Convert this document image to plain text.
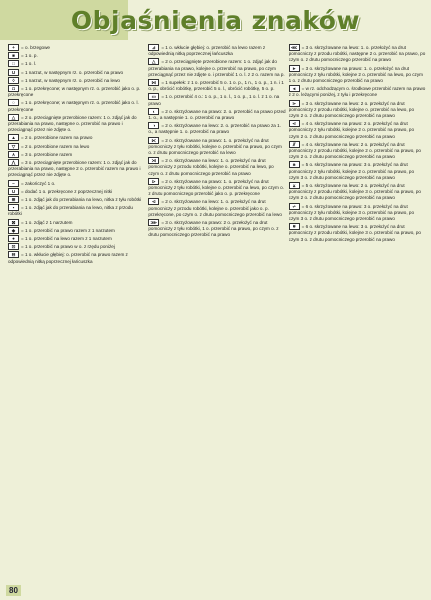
Objaśnienia znaków
+ = o. brzegowe
■ = 1 o. p.
□ = 1 o. l.
U = 1 narzut, w następnym rz. o. przerobić na prawo
◊ = 1 narzut, w następnym rz. o. przerobić na lewo
◘ = 1 o. przekręcone; w następnym rz. o. przerobić jako o. p. przekręcone
○ = 1 o. przekręcone; w następnym rz. o. przerobić jako o. l. przekręcone
△ = 2 o. przeciągnięte przerobione razem: 1 o. zdjąć jak do przerabiania na prawo, następne o. przerobić na prawo i przeciągnąć przez nie zdjęte o.
▲ = 2 o. przerobione razem na prawo
▽ = 2 o. przerobione razem na lewo
∧ = 3 o. przerobione razem
⋀ = 3 o. przeciągnięte przerobione razem: 1 o. zdjąć jak do przerabiania na prawo, następne 2 o. przerobić razem na prawo i przeciągnąć przez nie zdjęte o.
− = zakończyć 1 o.
U = dodać 1 o. przekręcone z poprzecznej nitki
⊞ = 1 o. zdjąć jak do przerabiania na lewo, nitka z tyłu robótki
▪ = 1 o. zdjąć jak do przerabiania na lewo, nitka z przodu robótki
⊠ = 1 o. zdjąć z 1 narzutem
◆ = 1 o. przerobić na prawo razem z 1 narzutem
● = 1 o. przerobić na lewo razem z 1 narzutem
⊡ = 1 o. przerobić na prawo w o. z rzędu poniżej
⊟ = 1 o. wkłucie głębiej: o. przerobić na prawo razem z odpowiednią nitką poprzecznej łańcuszka
⊿ = 1 o. wkłucie głębiej: o. przerobić na lewo razem z odpowiednią nitką poprzecznej łańcuszka
△ = 2 o. przeciągnięte przerobione razem: 1 o. zdjąć jak do przerabiania na prawo, kolejne o. przerobić na prawo, po czym przeciągnąć przez nie zdjęte o. i przerobić 1 o. l. z 2 o. razem na p.
⋈ = 1 supełek: z 1 o. przerobić 5 o. 1 o. p., 1 n., 1 o. p., 1 n. i 1 o. p., obrócić robótkę, przerobić 5 o. l., obrócić robótkę, 5 o. p.
▭ = 1 o. przerobić 4 o.: 1 o. p., 1 o. l., 1 o. p., 1 o. l. z 1 o. na prawo
◐ = 2 o. skrzyżowane na prawo: 2. o. przerobić na prawo przed 1. o., a następnie 1. o. przerobić na prawo
◑ = 2 o. skrzyżowane na lewo: 2. o. przerobić na prawo za 1. o., a następnie 1. o. przerobić na prawo
⋉ = 2 o. skrzyżowane na prawo: 1. o. przełożyć na drut pomocniczy z tyłu robótki, kolejne o. przerobić na prawo, po czym o. z drutu pomocniczego przerobić na lewo
⋊ = 2 o. skrzyżowane na lewo: 1. o. przełożyć na drut pomocniczy z przodu robótki, kolejne o. przerobić na lewo, po czym o. z drutu pomocniczego przerobić na prawo
⊳ = 2 o. skrzyżowane na prawo: 1. o. przełożyć na drut pomocniczy z tyłu robótki, kolejne o. przerobić na lewo, po czym o. z drutu pomocniczego przerobić jako o. p. przekręcone
⊲ = 2 o. skrzyżowane na lewo: 1. o. przełożyć na drut pomocniczy z przodu robótki, kolejne o. przerobić jako o. p. przekręcone, po czym o. z drutu pomocniczego przerobić na lewo
⋙ = 3 o. skrzyżowane na prawo: 2 o. przełożyć na drut pomocniczy z tyłu robótki, 1 o. przerobić na prawo, po czym o. z drutu pomocniczego przerobić na prawo
⋘ = 3 o. skrzyżowane na lewo: 1. o. przełożyć na drut pomocniczy z przodu robótki, następne 2 o. przerobić na prawo, po czym o. z drutu pomocniczego przerobić na prawo
⫸ = 3 o. skrzyżowane na prawo: 1. o. przełożyć na drut pomocniczy z tyłu robótki, kolejne 2 o. przerobić na lewo, po czym 1 o. z drutu pomocniczego przerobić na prawo
⫷ = w rz. odchodzącym o. środkowe przerobić razem na prawo z 2 o. leżącymi poniżej, z tyłu i przekręcone
⋗ = 3 o. skrzyżowane na lewo: 2 o. przełożyć na drut pomocniczy z przodu robótki, kolejne o. przerobić na lewo, po czym 2 o. z drutu pomocniczego przerobić na prawo
⋖ = 4 o. skrzyżowane na prawo: 2 o. przełożyć na drut pomocniczy z tyłu robótki, kolejne 2 o. przerobić na prawo, po czym 2 o. z drutu pomocniczego przerobić na prawo
⫻ = 4 o. skrzyżowane na lewo: 2 o. przełożyć na drut pomocniczy z przodu robótki, kolejne 2 o. przerobić na prawo, po czym 2 o. z drutu pomocniczego przerobić na prawo
⨳ = 5 o. skrzyżowane na prawo: 3 o. przełożyć na drut pomocniczy z tyłu robótki, kolejne 2 o. przerobić na prawo, po czym 3 o. z drutu pomocniczego przerobić na prawo
⨲ = 5 o. skrzyżowane na lewo: 2 o. przełożyć na drut pomocniczy z przodu robótki, kolejne 3 o. przerobić na prawo, po czym 2 o. z drutu pomocniczego przerobić na prawo
⩫ = 6 o. skrzyżowane na prawo: 3 o. przełożyć na drut pomocniczy z tyłu robótki, kolejne 3 o. przerobić na prawo, po czym 3 o. z drutu pomocniczego przerobić na prawo
⩬ = 6 o. skrzyżowane na lewo: 3 o. przełożyć na drut pomocniczy z przodu robótki, kolejne 3 o. przerobić na prawo, po czym 3 o. z drutu pomocniczego przerobić na prawo
80
